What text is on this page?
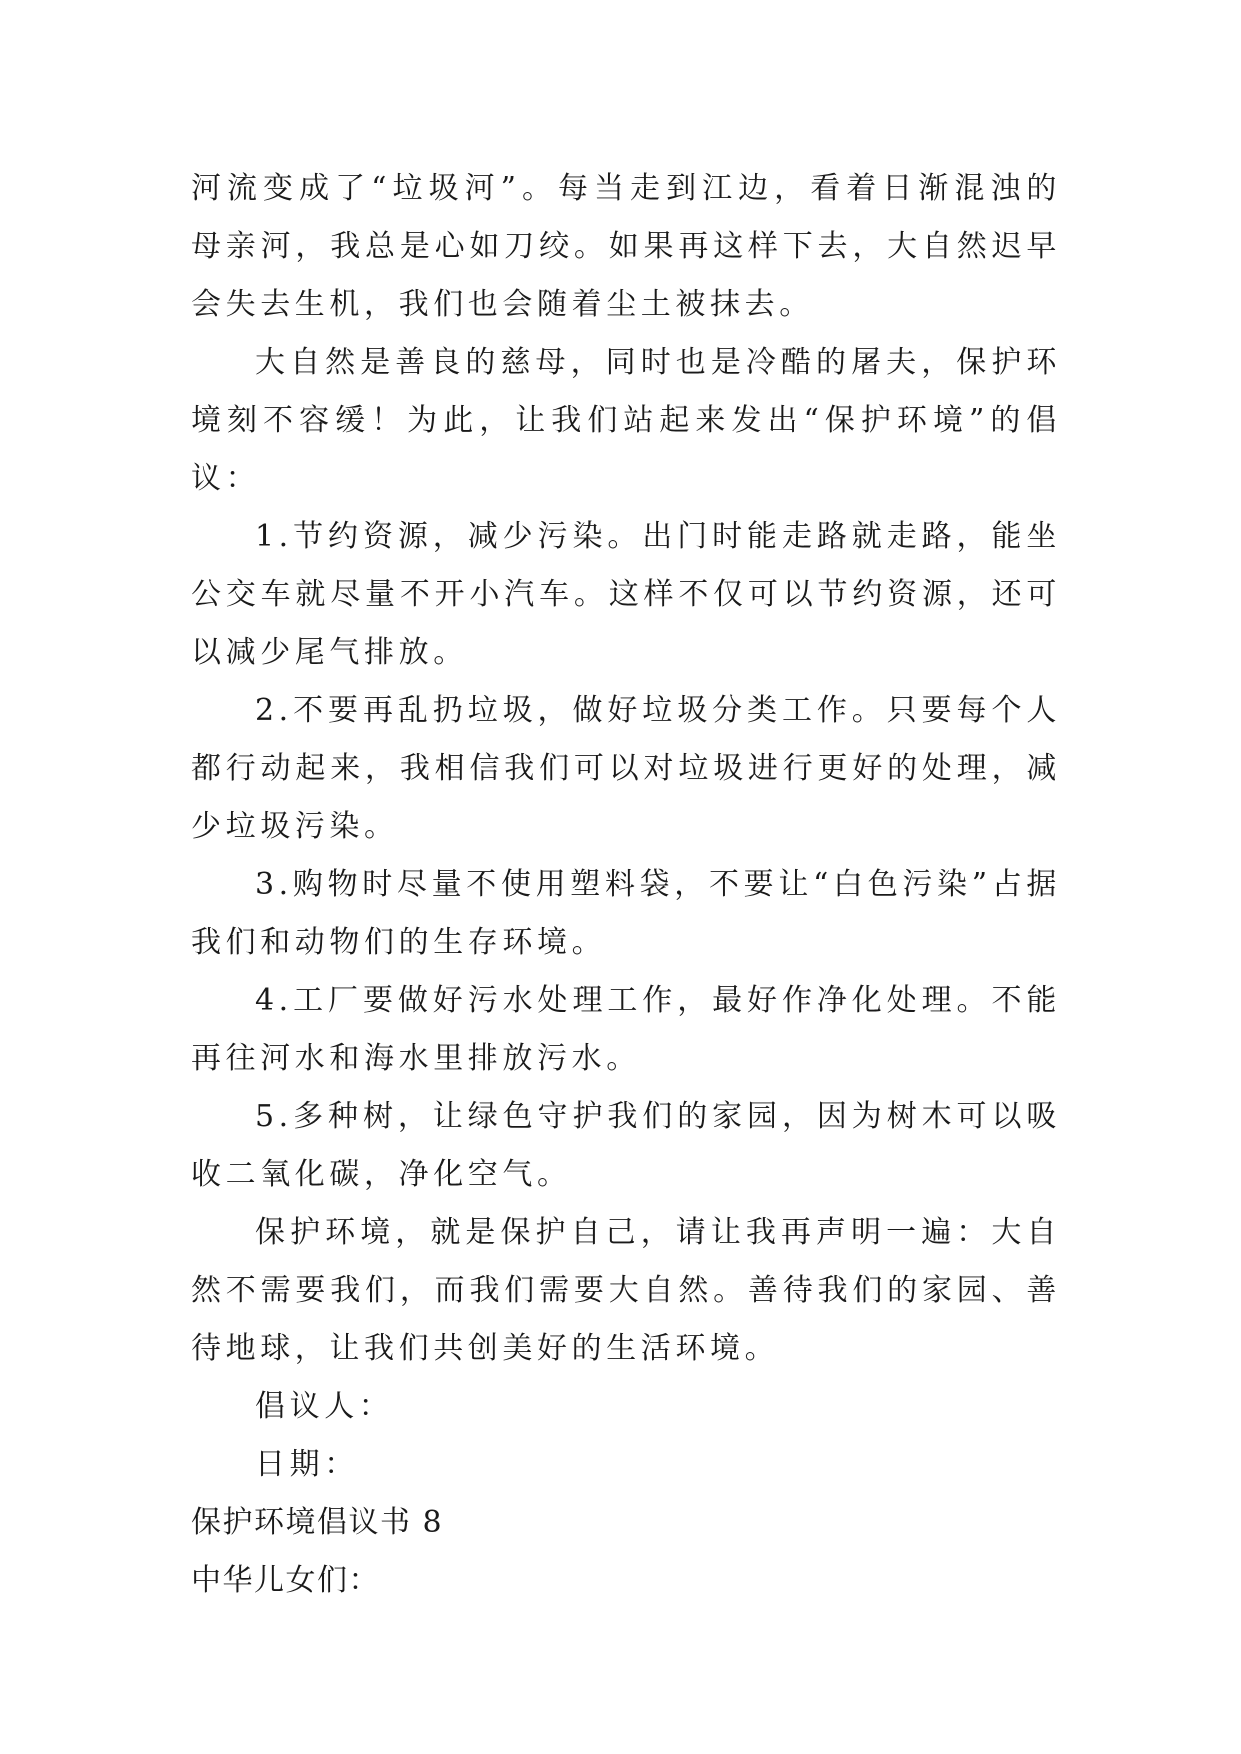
河流变成了“垃圾河”。每当走到江边，看着日渐混浊的母亲河，我总是心如刀绞。如果再这样下去，大自然迟早会失去生机，我们也会随着尘土被抹去。

大自然是善良的慈母，同时也是冷酷的屠夫，保护环境刻不容缓！为此，让我们站起来发出“保护环境”的倡议：

1.节约资源，减少污染。出门时能走路就走路，能坐公交车就尽量不开小汽车。这样不仅可以节约资源，还可以减少尾气排放。

2.不要再乱扔垃圾，做好垃圾分类工作。只要每个人都行动起来，我相信我们可以对垃圾进行更好的处理，减少垃圾污染。

3.购物时尽量不使用塑料袋，不要让“白色污染”占据我们和动物们的生存环境。

4.工厂要做好污水处理工作，最好作净化处理。不能再往河水和海水里排放污水。

5.多种树，让绿色守护我们的家园，因为树木可以吸收二氧化碳，净化空气。

保护环境，就是保护自己，请让我再声明一遍：大自然不需要我们，而我们需要大自然。善待我们的家园、善待地球，让我们共创美好的生活环境。

倡议人：

日期：

保护环境倡议书 8

中华儿女们：
